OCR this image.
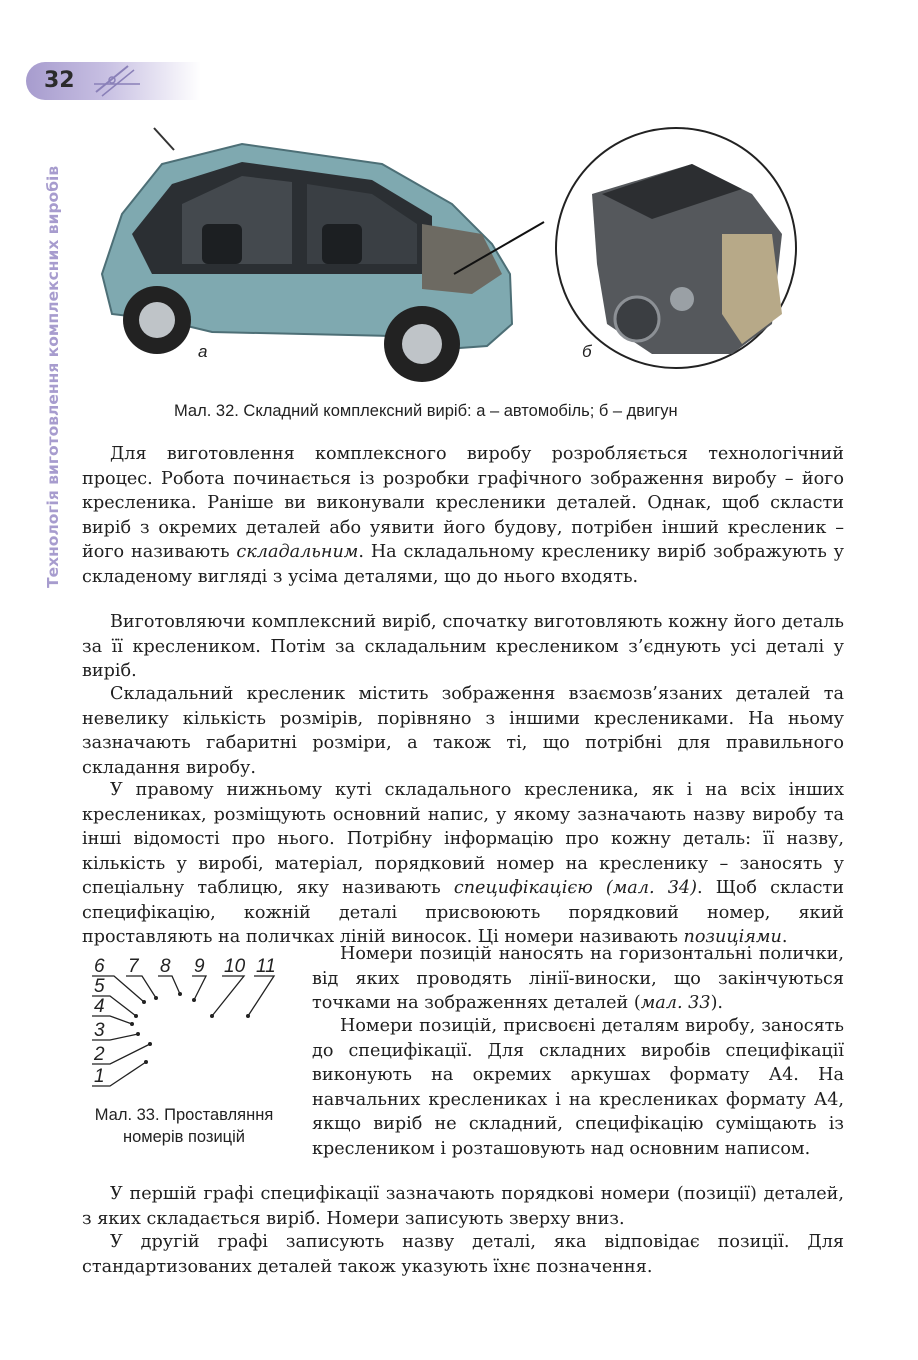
32
Технологія виготовлення комплексних виробів	а	б
Мал. 32. Складний комплексний виріб: а – автомобіль; б – двигун

Для виготовлення комплексного виробу розробляється технологічний процес. Робота починається із розробки графічного зображення виробу – його кресленика. Раніше ви виконували кресленики деталей. Однак, щоб скласти виріб з окремих деталей або уявити його будову, потрібен інший кресленик – його називають складальним. На складальному кресленику виріб зображують у складеному вигляді з усіма деталями, що до нього входять.

Виготовляючи комплексний виріб, спочатку виготовляють кожну його деталь за її кресленикoм. Потім за складальним кресленикoм з’єднують усі деталі у виріб.

Складальний кресленик містить зображення взаємозв’язаних деталей та невелику кількість розмірів, порівняно з іншими кресленикaми. На ньому зазначають габаритні розміри, а також ті, що потрібні для правильного складання виробу.

У правому нижньому куті складального кресленика, як і на всіх інших креслениках, розміщують основний напис, у якому зазначають назву виробу та інші відомості про нього. Потрібну інформацію про кожну деталь: її назву, кількість у виробі, матеріал, порядковий номер на кресленику – заносять у спеціальну таблицю, яку називають специфікацією (мал. 34). Щоб скласти специфікацію, кожній деталі присвоюють порядковий номер, який проставляють на поличках ліній виносок. Ці номери називають позиціями.

6 7 8 9 10 11
5
4
3
2
1
Мал. 33. Проставляння
номерів позицій

Номери позицій наносять на горизонтальні полички, від яких проводять лінії-виноски, що закінчуються точками на зображеннях деталей (мал. 33).

Номери позицій, присвоєні деталям виробу, заносять до специфікації. Для складних виробів специфікації виконують на окремих аркушах формату А4. На навчальних креслениках і на креслениках формату А4, якщо виріб не складний, специфікацію суміщають із кресленикoм і розташовують над основним написом.

У першій графі специфікації зазначають порядкові номери (позиції) деталей, з яких складається виріб. Номери записують зверху вниз.

У другій графі записують назву деталі, яка відповідає позиції. Для стандартизованих деталей також указують їхнє позначення.
